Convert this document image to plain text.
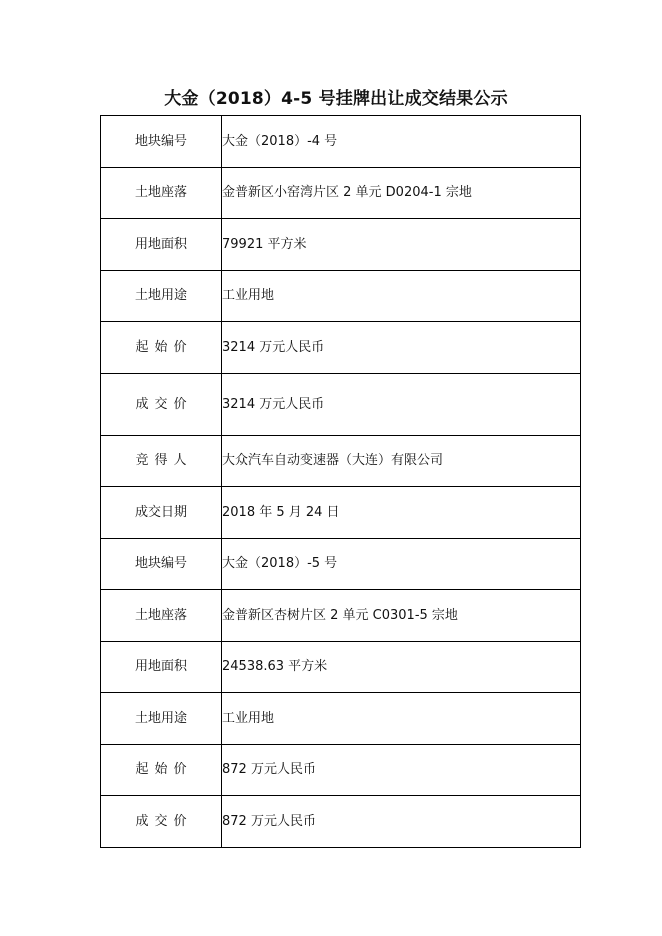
大金（2018）4-5 号挂牌出让成交结果公示
地块编号	大金（2018）-4 号
土地座落	金普新区小窑湾片区 2 单元 D0204-1 宗地
用地面积	79921 平方米
土地用途	工业用地
起始价	3214 万元人民币
成交价	3214 万元人民币
竞得人	大众汽车自动变速器（大连）有限公司
成交日期	2018 年 5 月 24 日
地块编号	大金（2018）-5 号
土地座落	金普新区杏树片区 2 单元 C0301-5 宗地
用地面积	24538.63 平方米
土地用途	工业用地
起始价	872 万元人民币
成交价	872 万元人民币
